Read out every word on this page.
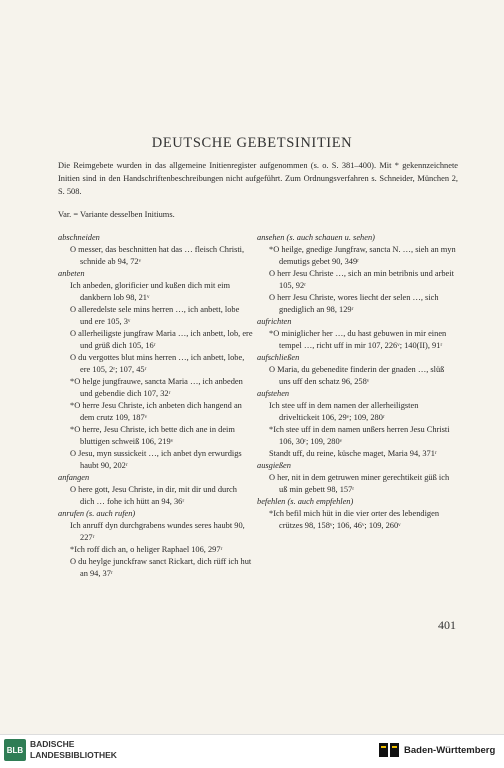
DEUTSCHE GEBETSINITIEN
Die Reimgebete wurden in das allgemeine Initienregister aufgenommen (s. o. S. 381–400). Mit * gekennzeichnete Initien sind in den Handschriftenbeschreibungen nicht aufgeführt. Zum Ordnungsverfahren s. Schneider, München 2, S. 508.
Var. = Variante desselben Initiums.
abschneiden
O messer, das beschnitten hat das … fleisch Christi, schnide ab 94, 72ᵛ
anbeten
Ich anbeden, glorificier und kußen dich mit eim dankbern lob 98, 21ᵛ
O alleredelste sele mins herren …, ich anbett, lobe und ere 105, 3ᵛ
O allerheiligste jungfraw Maria …, ich anbett, lob, ere und grüß dich 105, 16ʳ
O du vergottes blut mins herren …, ich anbett, lobe, ere 105, 2ʳ; 107, 45ʳ
*O helge jungfrauwe, sancta Maria …, ich anbeden und gebendie dich 107, 32ʳ
*O herre Jesu Christe, ich anbeten dich hangend an dem crutz 109, 187ᵛ
*O herre, Jesu Christe, ich bette dich ane in deim bluttigen schweiß 106, 219ᵛ
O Jesu, myn sussickeit …, ich anbet dyn erwurdigs haubt 90, 202ʳ
anfangen
O here gott, Jesu Christe, in dir, mit dir und durch dich … fohe ich hütt an 94, 36ʳ
anrufen (s. auch rufen)
Ich anruff dyn durchgrabens wundes seres haubt 90, 227ʳ
*Ich roff dich an, o heliger Raphael 106, 297ʳ
O du heylge junckfraw sanct Rickart, dich rüff ich hut an 94, 37ʳ
ansehen (s. auch schauen u. sehen)
*O heilge, gnedige Jungfraw, sancta N. …, sieh an myn demutigs gebet 90, 349ʳ
O herr Jesu Christe …, sich an min betribnis und arbeit 105, 92ʳ
O herr Jesu Christe, wores liecht der selen …, sich gnediglich an 98, 129ʳ
aufrichten
*O miniglicher her …, du hast gebuwen in mir einen tempel …, richt uff in mir 107, 226ᵛ; 140(II), 91ʳ
aufschließen
O Maria, du gebenedite finderin der gnaden …, slüß uns uff den schatz 96, 258ᵛ
aufstehen
Ich stee uff in dem namen der allerheiligsten driveltickeit 106, 29ᵛ; 109, 280ʳ
*Ich stee uff in dem namen unßers herren Jesu Christi 106, 30ʳ; 109, 280ᵛ
Standt uff, du reine, küsche maget, Maria 94, 371ʳ
ausgießen
O her, nit in dem getruwen miner gerechtikeit güß ich uß min gebett 98, 157ʳ
befehlen (s. auch empfehlen)
*Ich befil mich hüt in die vier orter des lebendigen crützes 98, 158ᵛ; 106, 46ᵛ; 109, 260ᵛ
401
BLB
BADISCHE
LANDESBIBLIOTHEK	Baden-Württemberg
